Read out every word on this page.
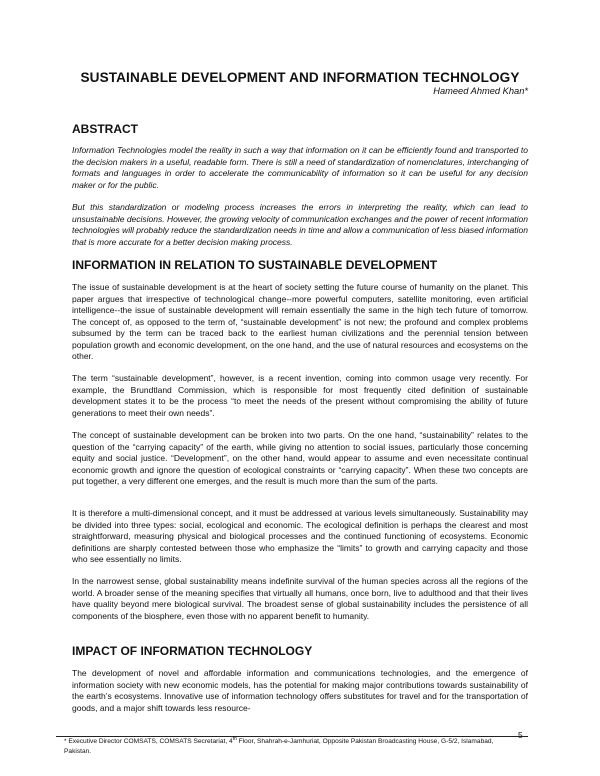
SUSTAINABLE DEVELOPMENT AND INFORMATION TECHNOLOGY

Hameed Ahmed Khan*

ABSTRACT

Information Technologies model the reality in such a way that information on it can be efficiently found and transported to the decision makers in a useful, readable form. There is still a need of standardization of nomenclatures, interchanging of formats and languages in order to accelerate the communicability of information so it can be useful for any decision maker or for the public.

But this standardization or modeling process increases the errors in interpreting the reality, which can lead to unsustainable decisions. However, the growing velocity of communication exchanges and the power of recent information technologies will probably reduce the standardization needs in time and allow a communication of less biased information that is more accurate for a better decision making process.

INFORMATION IN RELATION TO SUSTAINABLE DEVELOPMENT

The issue of sustainable development is at the heart of society setting the future course of humanity on the planet. This paper argues that irrespective of technological change--more powerful computers, satellite monitoring, even artificial intelligence--the issue of sustainable development will remain essentially the same in the high tech future of tomorrow. The concept of, as opposed to the term of, “sustainable development” is not new; the profound and complex problems subsumed by the term can be traced back to the earliest human civilizations and the perennial tension between population growth and economic development, on the one hand, and the use of natural resources and ecosystems on the other.

The term “sustainable development”, however, is a recent invention, coming into common usage very recently. For example, the Brundtland Commission, which is responsible for most frequently cited definition of sustainable development states it to be the process “to meet the needs of the present without compromising the ability of future generations to meet their own needs”.

The concept of sustainable development can be broken into two parts. On the one hand, “sustainability” relates to the question of the “carrying capacity” of the earth, while giving no attention to social issues, particularly those concerning equity and social justice. “Development”, on the other hand, would appear to assume and even necessitate continual economic growth and ignore the question of ecological constraints or “carrying capacity”. When these two concepts are put together, a very different one emerges, and the result is much more than the sum of the parts.

It is therefore a multi-dimensional concept, and it must be addressed at various levels simultaneously. Sustainability may be divided into three types: social, ecological and economic. The ecological definition is perhaps the clearest and most straightforward, measuring physical and biological processes and the continued functioning of ecosystems. Economic definitions are sharply contested between those who emphasize the “limits” to growth and carrying capacity and those who see essentially no limits.

In the narrowest sense, global sustainability means indefinite survival of the human species across all the regions of the world. A broader sense of the meaning specifies that virtually all humans, once born, live to adulthood and that their lives have quality beyond mere biological survival. The broadest sense of global sustainability includes the persistence of all components of the biosphere, even those with no apparent benefit to humanity.

IMPACT OF INFORMATION TECHNOLOGY

The development of novel and affordable information and communications technologies, and the emergence of information society with new economic models, has the potential for making major contributions towards sustainability of the earth’s ecosystems. Innovative use of information technology offers substitutes for travel and for the transportation of goods, and a major shift towards less resource-

5

* Executive Director COMSATS, COMSATS Secretariat, 4th Floor, Shahrah-e-Jamhuriat, Opposite Pakistan Broadcasting House, G-5/2, Islamabad, Pakistan.
